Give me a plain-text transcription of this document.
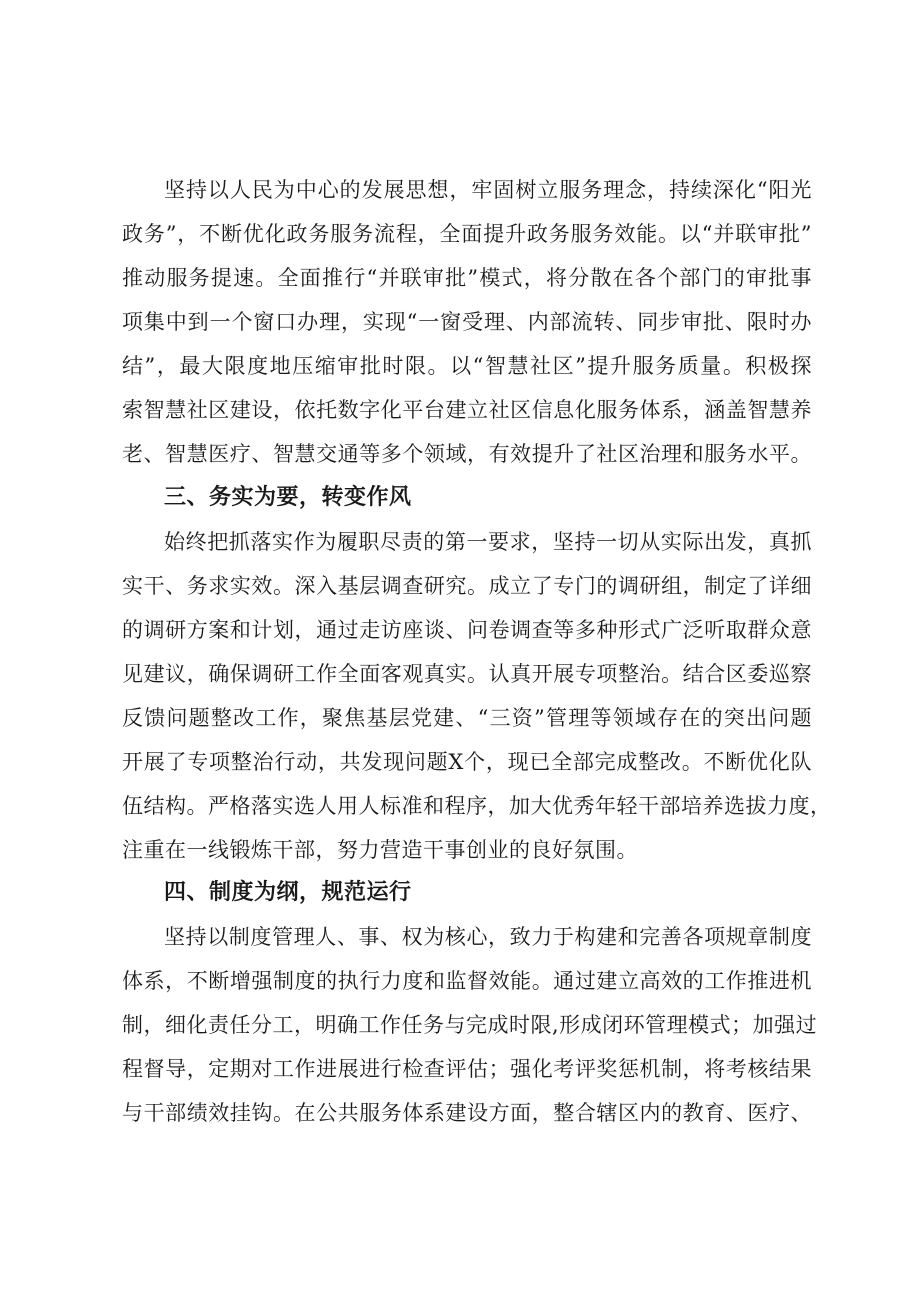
坚持以人民为中心的发展思想，牢固树立服务理念，持续深化“阳光
政务”，不断优化政务服务流程，全面提升政务服务效能。以“并联审批”
推动服务提速。全面推行“并联审批”模式，将分散在各个部门的审批事
项集中到一个窗口办理，实现“一窗受理、内部流转、同步审批、限时办
结”，最大限度地压缩审批时限。以“智慧社区”提升服务质量。积极探
索智慧社区建设，依托数字化平台建立社区信息化服务体系，涵盖智慧养
老、智慧医疗、智慧交通等多个领域，有效提升了社区治理和服务水平。
三、务实为要，转变作风
始终把抓落实作为履职尽责的第一要求，坚持一切从实际出发，真抓
实干、务求实效。深入基层调查研究。成立了专门的调研组，制定了详细
的调研方案和计划，通过走访座谈、问卷调查等多种形式广泛听取群众意
见建议，确保调研工作全面客观真实。认真开展专项整治。结合区委巡察
反馈问题整改工作，聚焦基层党建、“三资”管理等领域存在的突出问题
开展了专项整治行动，共发现问题X个，现已全部完成整改。不断优化队
伍结构。严格落实选人用人标准和程序，加大优秀年轻干部培养选拔力度，
注重在一线锻炼干部，努力营造干事创业的良好氛围。
四、制度为纲，规范运行
坚持以制度管理人、事、权为核心，致力于构建和完善各项规章制度
体系，不断增强制度的执行力度和监督效能。通过建立高效的工作推进机
制，细化责任分工，明确工作任务与完成时限,形成闭环管理模式；加强过
程督导，定期对工作进展进行检查评估；强化考评奖惩机制，将考核结果
与干部绩效挂钩。在公共服务体系建设方面，整合辖区内的教育、医疗、
